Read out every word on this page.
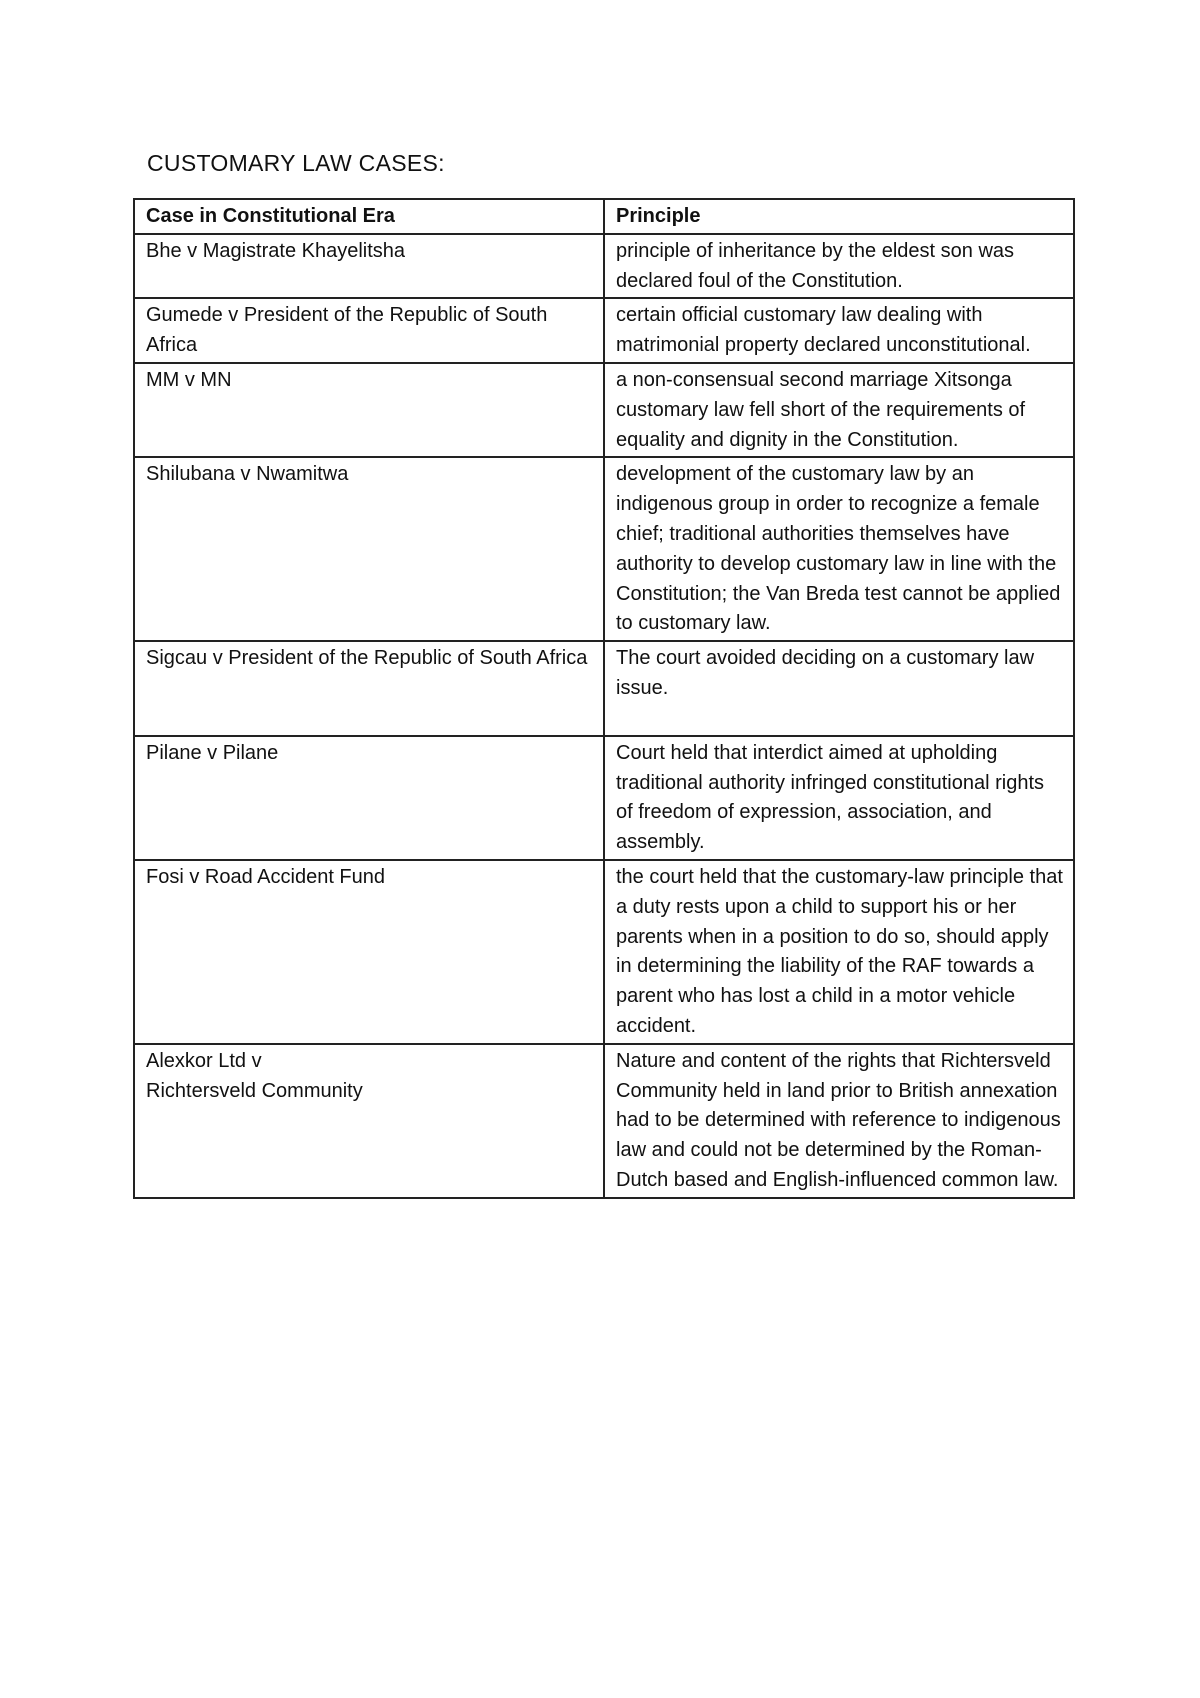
CUSTOMARY LAW CASES:
Case in Constitutional Era	Principle
Bhe v Magistrate Khayelitsha	principle of inheritance by the eldest son was declared foul of the Constitution.
Gumede v President of the Republic of South Africa	certain official customary law dealing with matrimonial property declared unconstitutional.
MM v MN	a non-consensual second marriage Xitsonga customary law fell short of the requirements of equality and dignity in the Constitution.
Shilubana v Nwamitwa	development of the customary law by an indigenous group in order to recognize a female chief; traditional authorities themselves have authority to develop customary law in line with the Constitution; the Van Breda test cannot be applied to customary law.
Sigcau v President of the Republic of South Africa	The court avoided deciding on a customary law issue.
Pilane v Pilane	Court held that interdict aimed at upholding traditional authority infringed constitutional rights of freedom of expression, association, and assembly.
Fosi v Road Accident Fund	the court held that the customary-law principle that a duty rests upon a child to support his or her parents when in a position to do so, should apply in determining the liability of the RAF towards a parent who has lost a child in a motor vehicle accident.
Alexkor Ltd v
Richtersveld Community	Nature and content of the rights that Richtersveld Community held in land prior to British annexation had to be determined with reference to indigenous law and could not be determined by the Roman-Dutch based and English-influenced common law.
